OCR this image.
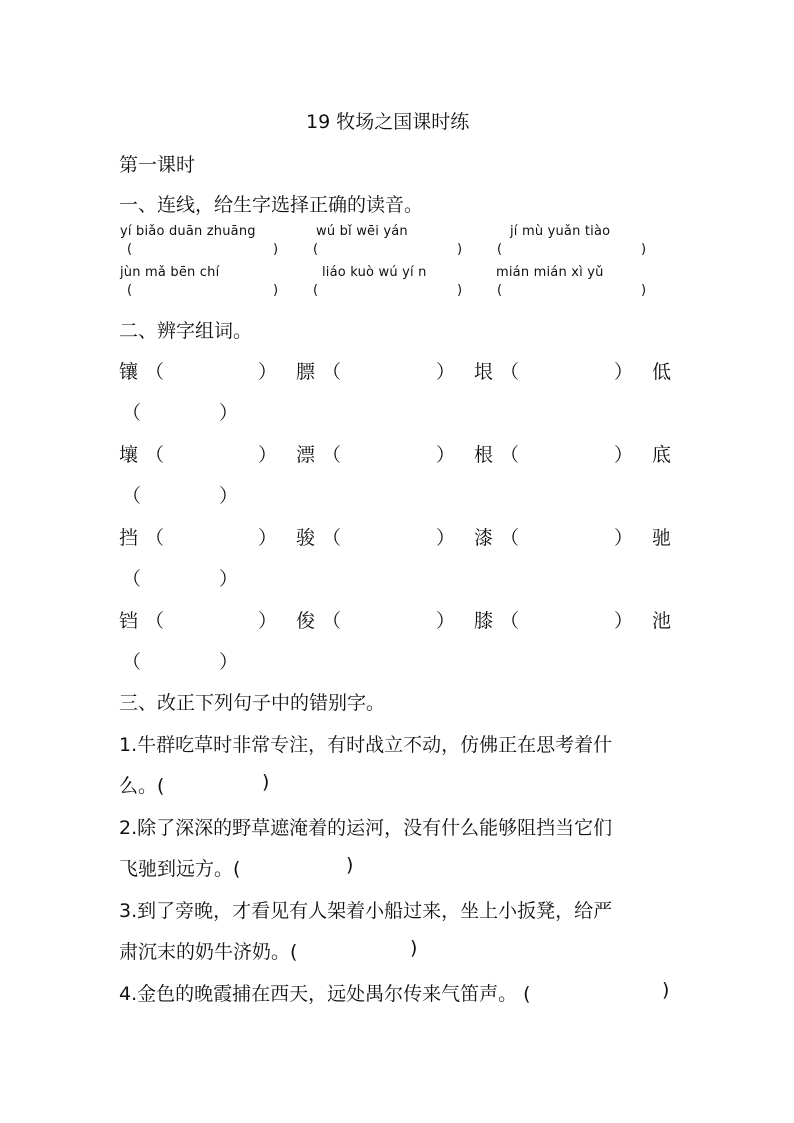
19 牧场之国课时练
第一课时
一、连线，给生字选择正确的读音。
yí biǎo duān zhuāng	wú bǐ wēi yán	jí mù yuǎn tiào
(	)	(	)	(	)
jùn mǎ bēn chí	liáo kuò wú yí n	mián mián xì yǔ
(	)	(	)	(	)
二、辨字组词。
镶 （	） 膘 （	） 垠 （	） 低
（	）
壤 （	） 漂 （	） 根 （	） 底
（	）
挡 （	） 骏 （	） 漆 （	） 驰
（	）
铛 （	） 俊 （	） 膝 （	） 池
（	）
三、改正下列句子中的错别字。
1.牛群吃草时非常专注，有时战立不动，仿佛正在思考着什
么。(	)
2.除了深深的野草遮淹着的运河，没有什么能够阻挡当它们
飞驰到远方。(	)
3.到了旁晚，才看见有人架着小船过来，坐上小扳凳，给严
肃沉末的奶牛济奶。(	)
4.金色的晚霞捕在西天，远处禺尔传来气笛声。 (	)
